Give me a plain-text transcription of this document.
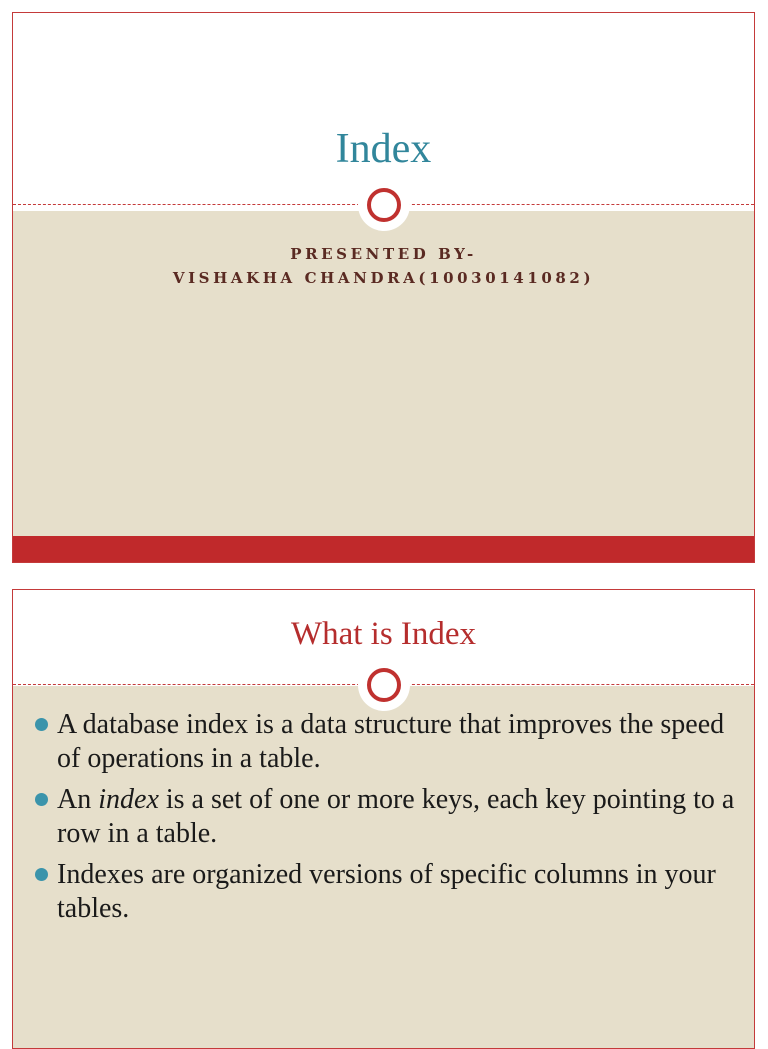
Index
PRESENTED BY-
VISHAKHA CHANDRA(10030141082)
What is Index
A database index is a data structure that improves the speed of operations in a table.
An index is a set of one or more keys, each key pointing to a row in a table.
Indexes are organized versions of specific columns in your tables.
